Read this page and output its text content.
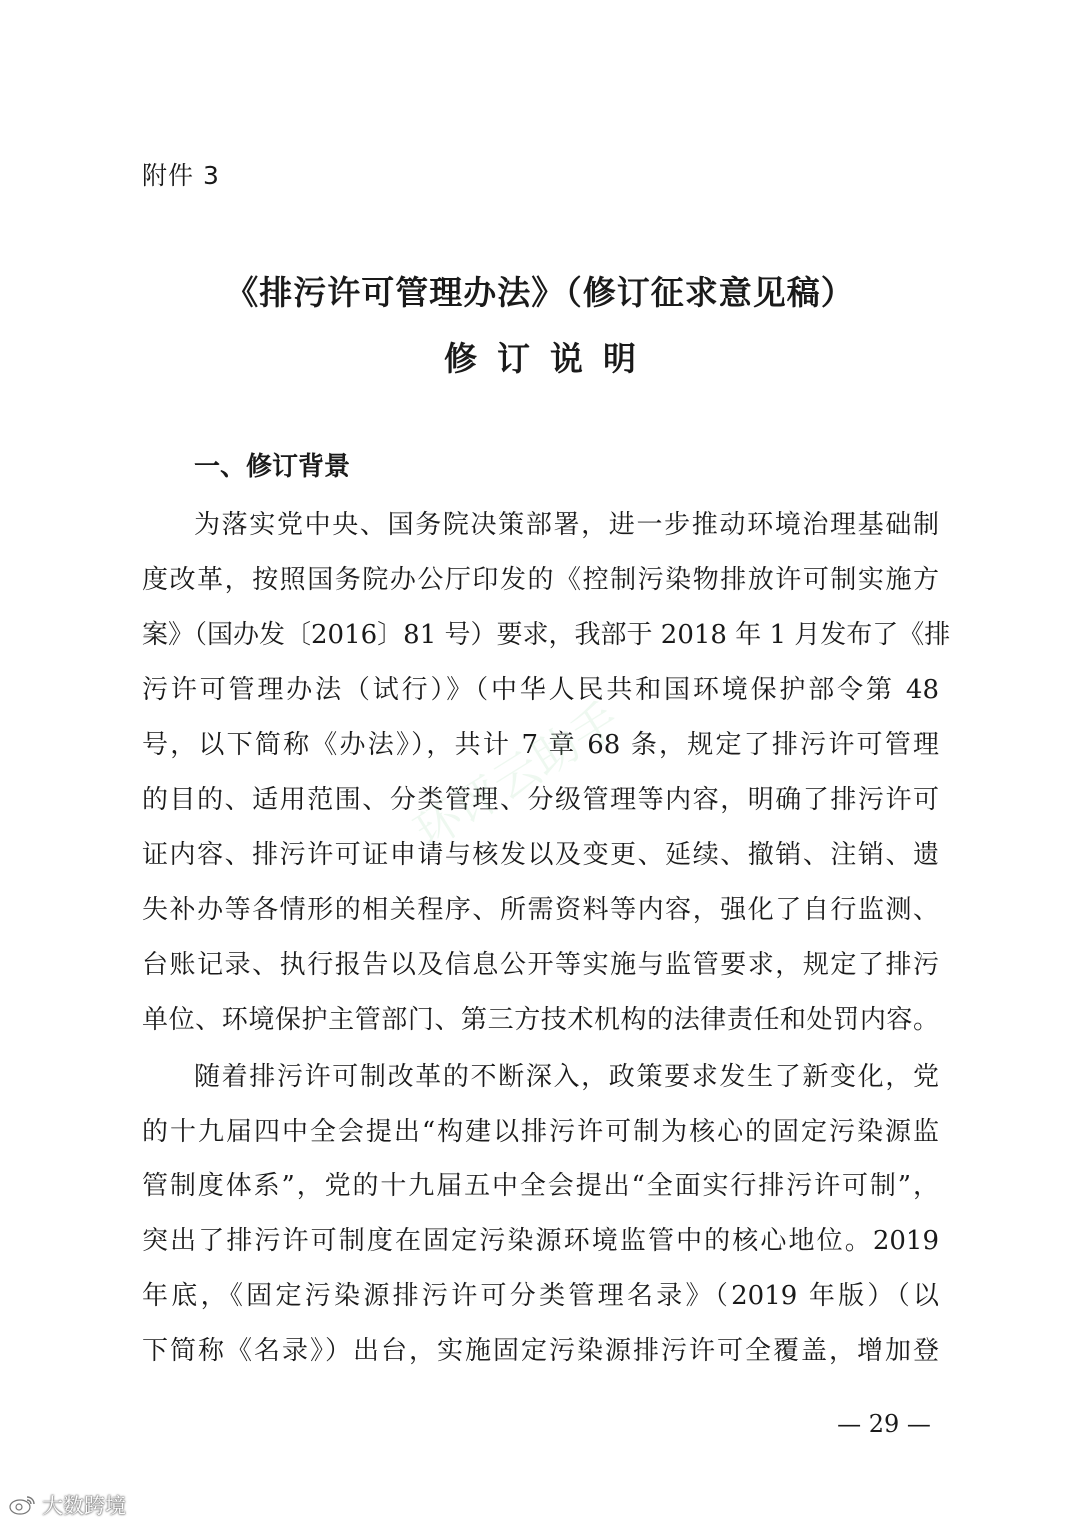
附件 3
《排污许可管理办法》（修订征求意见稿）
修订说明
一、修订背景
为落实党中央、国务院决策部署，进一步推动环境治理基础制
度改革，按照国务院办公厅印发的《控制污染物排放许可制实施方
案》（国办发〔2016〕81 号）要求，我部于 2018 年 1 月发布了《排
污许可管理办法（试行）》（中华人民共和国环境保护部令第 48
号，以下简称《办法》），共计 7 章 68 条，规定了排污许可管理
的目的、适用范围、分类管理、分级管理等内容，明确了排污许可
证内容、排污许可证申请与核发以及变更、延续、撤销、注销、遗
失补办等各情形的相关程序、所需资料等内容，强化了自行监测、
台账记录、执行报告以及信息公开等实施与监管要求，规定了排污
单位、环境保护主管部门、第三方技术机构的法律责任和处罚内容。
随着排污许可制改革的不断深入，政策要求发生了新变化，党
的十九届四中全会提出“构建以排污许可制为核心的固定污染源监
管制度体系”，党的十九届五中全会提出“全面实行排污许可制”，
突出了排污许可制度在固定污染源环境监管中的核心地位。2019
年底，《固定污染源排污许可分类管理名录》（2019 年版）（以
下简称《名录》）出台，实施固定污染源排污许可全覆盖，增加登
— 29 —
环评云助手
大数跨境
